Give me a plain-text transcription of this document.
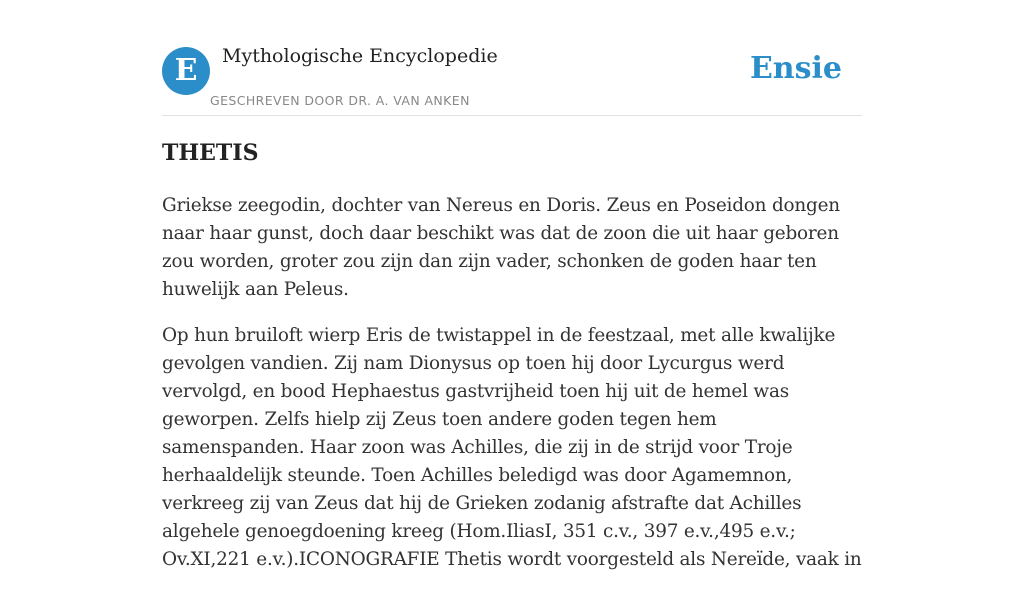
E	Mythologische Encyclopedie
GESCHREVEN DOOR DR. A. VAN ANKEN
Ensie
THETIS

Griekse zeegodin, dochter van Nereus en Doris. Zeus en Poseidon dongen naar haar gunst, doch daar beschikt was dat de zoon die uit haar geboren zou worden, groter zou zijn dan zijn vader, schonken de goden haar ten huwelijk aan Peleus.

Op hun bruiloft wierp Eris de twistappel in de feestzaal, met alle kwalijke gevolgen vandien. Zij nam Dionysus op toen hij door Lycurgus werd vervolgd, en bood Hephaestus gastvrijheid toen hij uit de hemel was geworpen. Zelfs hielp zij Zeus toen andere goden tegen hem samenspanden. Haar zoon was Achilles, die zij in de strijd voor Troje herhaaldelijk steunde. Toen Achilles beledigd was door Agamemnon, verkreeg zij van Zeus dat hij de Grieken zodanig afstrafte dat Achilles algehele genoegdoening kreeg (Hom.IliasI, 351 c.v., 397 e.v.,495 e.v.; Ov.XI,221 e.v.).ICONOGRAFIE Thetis wordt voorgesteld als Nereïde, vaak in
